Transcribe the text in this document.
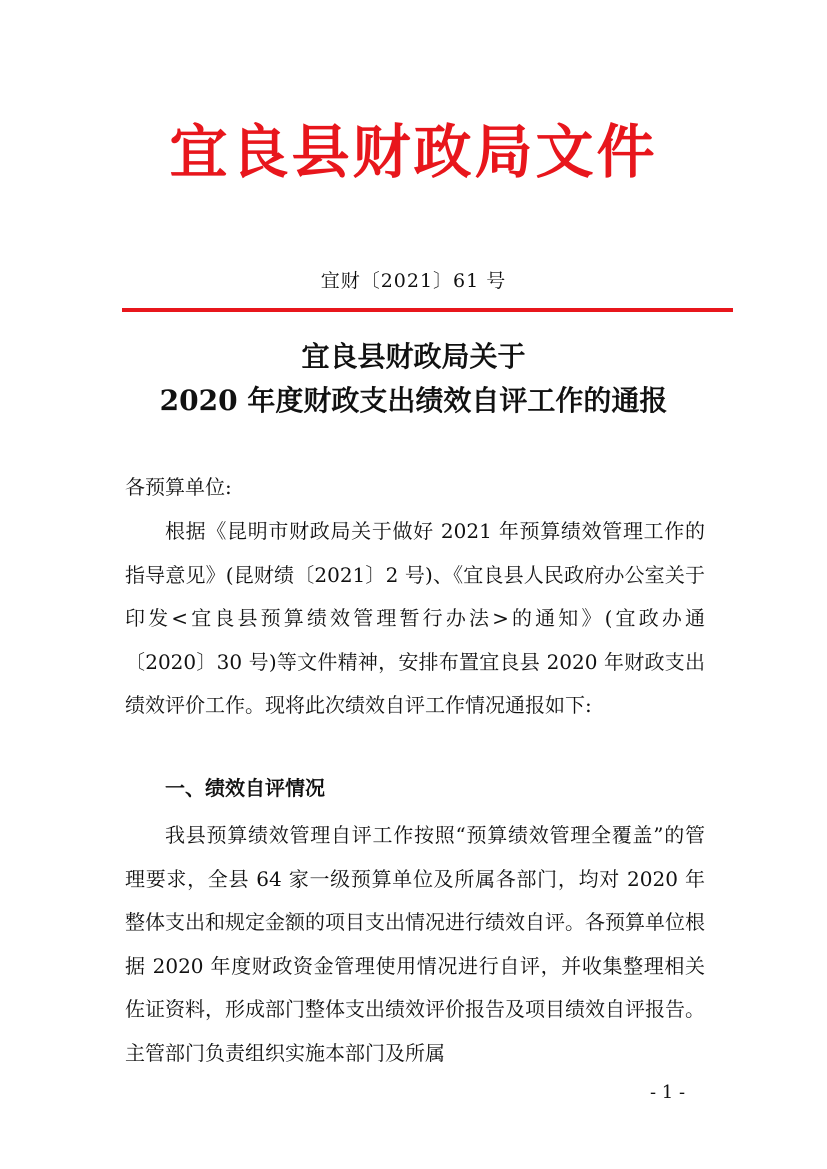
宜良县财政局文件
宜财〔2021〕61 号
宜良县财政局关于
2020 年度财政支出绩效自评工作的通报
各预算单位:
根据《昆明市财政局关于做好 2021 年预算绩效管理工作的指导意见》(昆财绩〔2021〕2 号)、《宜良县人民政府办公室关于印发<宜良县预算绩效管理暂行办法>的通知》(宜政办通〔2020〕30 号)等文件精神，安排布置宜良县 2020 年财政支出绩效评价工作。现将此次绩效自评工作情况通报如下:
一、绩效自评情况
我县预算绩效管理自评工作按照“预算绩效管理全覆盖”的管理要求，全县 64 家一级预算单位及所属各部门，均对 2020 年整体支出和规定金额的项目支出情况进行绩效自评。各预算单位根据 2020 年度财政资金管理使用情况进行自评，并收集整理相关佐证资料，形成部门整体支出绩效评价报告及项目绩效自评报告。主管部门负责组织实施本部门及所属
- 1 -
